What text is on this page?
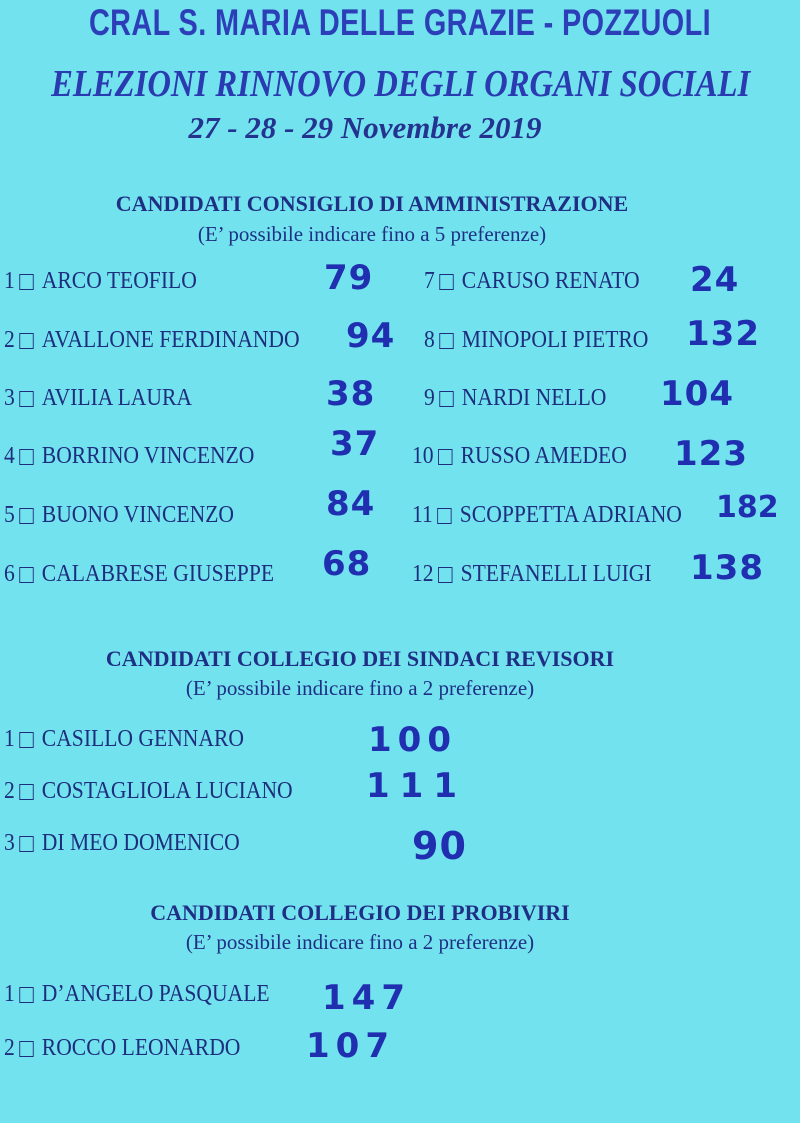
CRAL S. MARIA DELLE GRAZIE - POZZUOLI
ELEZIONI RINNOVO DEGLI ORGANI SOCIALI
27 - 28 - 29 Novembre 2019
CANDIDATI CONSIGLIO DI AMMINISTRAZIONE
(E’ possibile indicare fino a 5 preferenze)
1 ARCO TEOFILO	79
2 AVALLONE FERDINANDO 94
3 AVILIA LAURA	38
4 BORRINO VINCENZO 37
5 BUONO VINCENZO	84
6 CALABRESE GIUSEPPE 68
7 CARUSO RENATO 24
8 MINOPOLI PIETRO 132
9 NARDI NELLO 104
10 RUSSO AMEDEO 123
11 SCOPPETTA ADRIANO 182
12 STEFANELLI LUIGI 138
CANDIDATI COLLEGIO DEI SINDACI REVISORI
(E’ possibile indicare fino a 2 preferenze)
1 CASILLO GENNARO	100
2 COSTAGLIOLA LUCIANO 111
3 DI MEO DOMENICO	90
CANDIDATI COLLEGIO DEI PROBIVIRI
(E’ possibile indicare fino a 2 preferenze)
1 D’ANGELO PASQUALE 147
2 ROCCO LEONARDO 107
